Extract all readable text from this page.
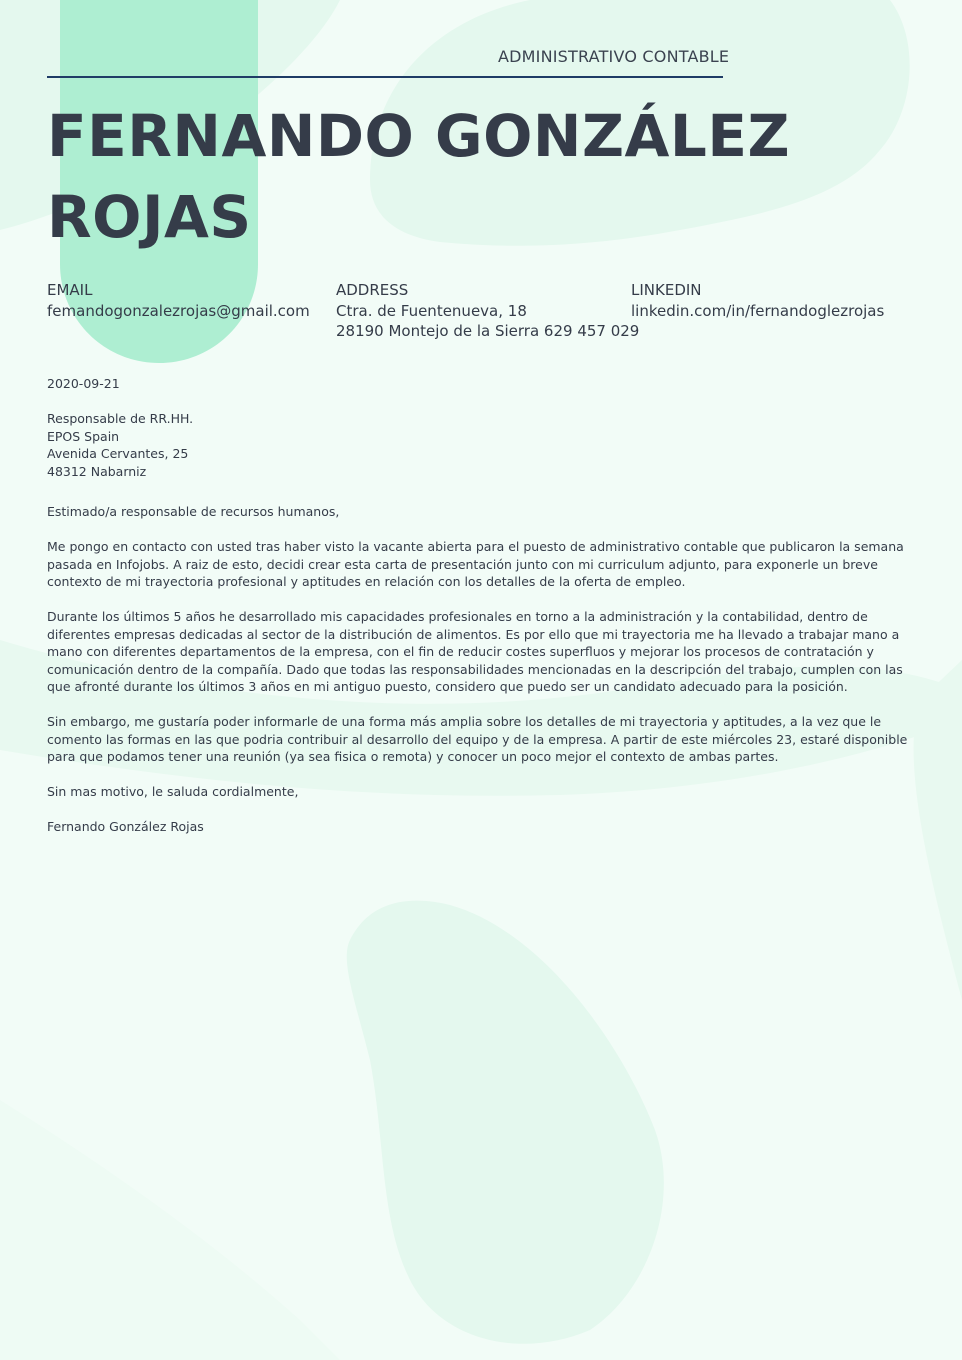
ADMINISTRATIVO CONTABLE
FERNANDO GONZÁLEZ
ROJAS
EMAIL
femandogonzalezrojas@gmail.com
ADDRESS
Ctra. de Fuentenueva, 18
28190 Montejo de la Sierra 629 457 029
LINKEDIN
linkedin.com/in/fernandoglezrojas
2020-09-21
Responsable de RR.HH.
EPOS Spain
Avenida Cervantes, 25
48312 Nabarniz

Estimado/a responsable de recursos humanos,

Me pongo en contacto con usted tras haber visto la vacante abierta para el puesto de administrativo contable que publicaron la semana pasada en Infojobs. A raiz de esto, decidi crear esta carta de presentación junto con mi curriculum adjunto, para exponerle un breve contexto de mi trayectoria profesional y aptitudes en relación con los detalles de la oferta de empleo.

Durante los últimos 5 años he desarrollado mis capacidades profesionales en torno a la administración y la contabilidad, dentro de diferentes empresas dedicadas al sector de la distribución de alimentos. Es por ello que mi trayectoria me ha llevado a trabajar mano a mano con diferentes departamentos de la empresa, con el fin de reducir costes superfluos y mejorar los procesos de contratación y comunicación dentro de la compañía. Dado que todas las responsabilidades mencionadas en la descripción del trabajo, cumplen con las que afronté durante los últimos 3 años en mi antiguo puesto, considero que puedo ser un candidato adecuado para la posición.

Sin embargo, me gustaría poder informarle de una forma más amplia sobre los detalles de mi trayectoria y aptitudes, a la vez que le comento las formas en las que podria contribuir al desarrollo del equipo y de la empresa. A partir de este miércoles 23, estaré disponible para que podamos tener una reunión (ya sea fisica o remota) y conocer un poco mejor el contexto de ambas partes.

Sin mas motivo, le saluda cordialmente,

Fernando González Rojas
